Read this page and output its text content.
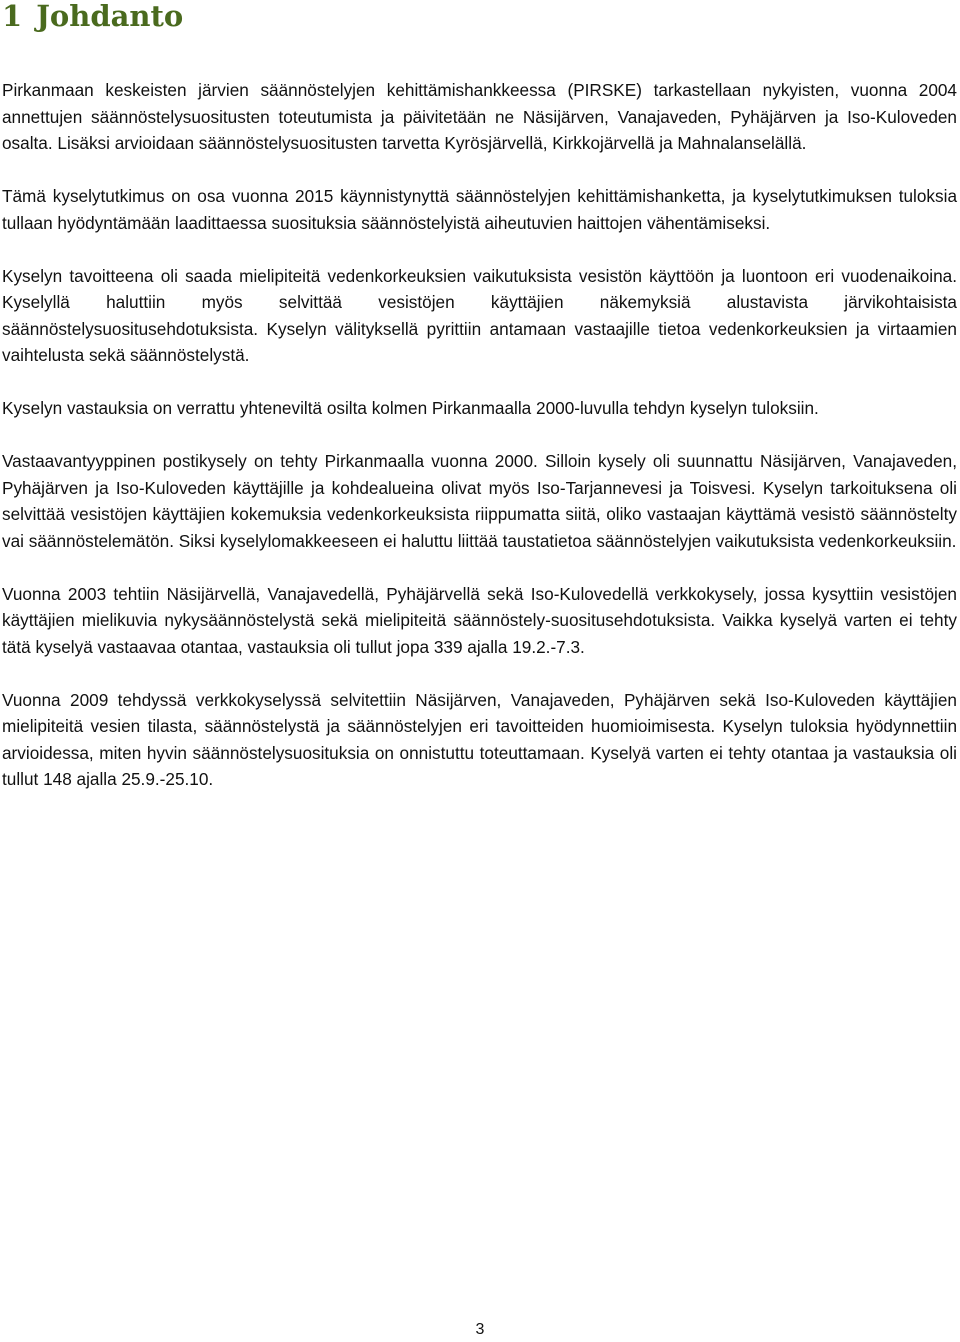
1 Johdanto

Pirkanmaan keskeisten järvien säännöstelyjen kehittämishankkeessa (PIRSKE) tarkastellaan nykyisten, vuonna 2004 annettujen säännöstelysuositusten toteutumista ja päivitetään ne Näsijärven, Vanajaveden, Pyhäjärven ja Iso-Kuloveden osalta. Lisäksi arvioidaan säännöstelysuositusten tarvetta Kyrösjärvellä, Kirkkojärvellä ja Mahnalanselällä.

Tämä kyselytutkimus on osa vuonna 2015 käynnistynyttä säännöstelyjen kehittämishanketta, ja kyselytutkimuksen tuloksia tullaan hyödyntämään laadittaessa suosituksia säännöstelyistä aiheutuvien haittojen vähentämiseksi.

Kyselyn tavoitteena oli saada mielipiteitä vedenkorkeuksien vaikutuksista vesistön käyttöön ja luontoon eri vuodenaikoina. Kyselyllä haluttiin myös selvittää vesistöjen käyttäjien näkemyksiä alustavista järvikohtaisista säännöstelysuositusehdotuksista. Kyselyn välityksellä pyrittiin antamaan vastaajille tietoa vedenkorkeuksien ja virtaamien vaihtelusta sekä säännöstelystä.

Kyselyn vastauksia on verrattu yhteneviltä osilta kolmen Pirkanmaalla 2000-luvulla tehdyn kyselyn tuloksiin.

Vastaavantyyppinen postikysely on tehty Pirkanmaalla vuonna 2000. Silloin kysely oli suunnattu Näsijärven, Vanajaveden, Pyhäjärven ja Iso-Kuloveden käyttäjille ja kohdealueina olivat myös Iso-Tarjannevesi ja Toisvesi. Kyselyn tarkoituksena oli selvittää vesistöjen käyttäjien kokemuksia vedenkorkeuksista riippumatta siitä, oliko vastaajan käyttämä vesistö säännöstelty vai säännöstelemätön. Siksi kyselylomakkeeseen ei haluttu liittää taustatietoa säännöstelyjen vaikutuksista vedenkorkeuksiin.

Vuonna 2003 tehtiin Näsijärvellä, Vanajavedellä, Pyhäjärvellä sekä Iso-Kulovedellä verkkokysely, jossa kysyttiin vesistöjen käyttäjien mielikuvia nykysäännöstelystä sekä mielipiteitä säännöstely-suositusehdotuksista. Vaikka kyselyä varten ei tehty tätä kyselyä vastaavaa otantaa, vastauksia oli tullut jopa 339 ajalla 19.2.-7.3.

Vuonna 2009 tehdyssä verkkokyselyssä selvitettiin Näsijärven, Vanajaveden, Pyhäjärven sekä Iso-Kuloveden käyttäjien mielipiteitä vesien tilasta, säännöstelystä ja säännöstelyjen eri tavoitteiden huomioimisesta. Kyselyn tuloksia hyödynnettiin arvioidessa, miten hyvin säännöstelysuosituksia on onnistuttu toteuttamaan. Kyselyä varten ei tehty otantaa ja vastauksia oli tullut 148 ajalla 25.9.-25.10.

3
